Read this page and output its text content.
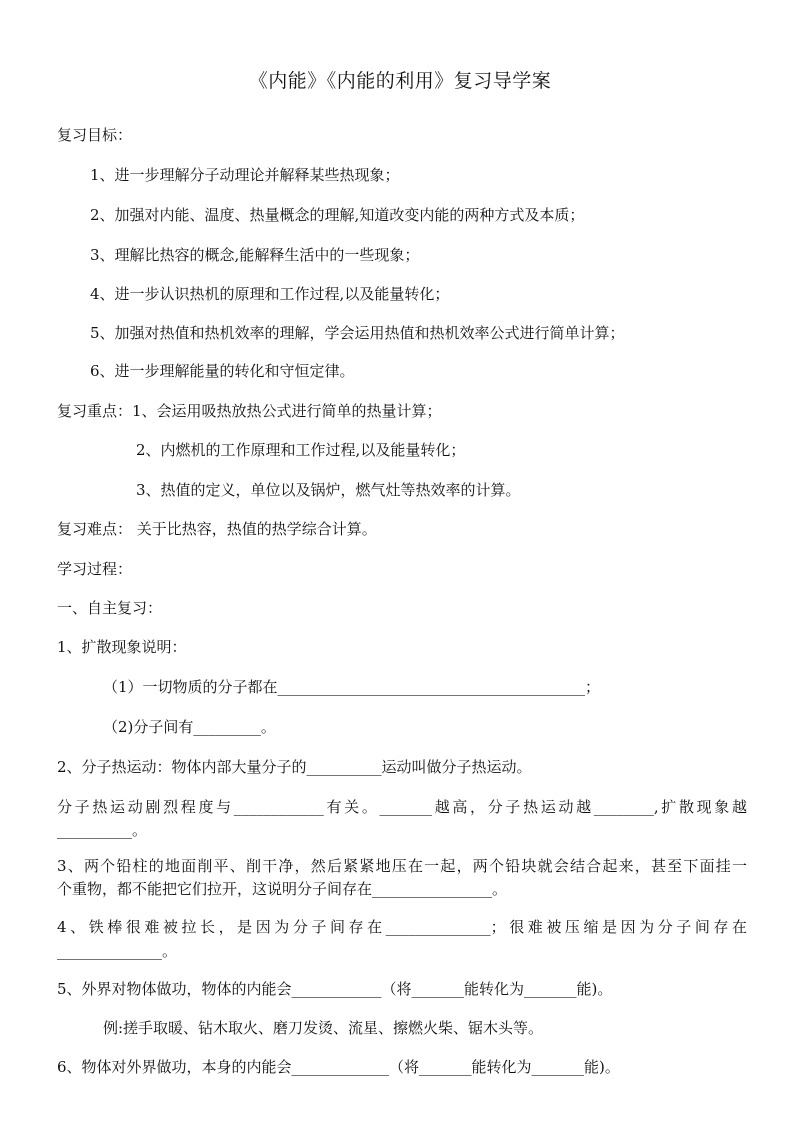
《内能》《内能的利用》复习导学案
复习目标：
1、进一步理解分子动理论并解释某些热现象；
2、加强对内能、温度、热量概念的理解,知道改变内能的两种方式及本质；
3、理解比热容的概念,能解释生活中的一些现象；
4、进一步认识热机的原理和工作过程,以及能量转化；
5、加强对热值和热机效率的理解，学会运用热值和热机效率公式进行简单计算；
6、进一步理解能量的转化和守恒定律。
复习重点：1、会运用吸热放热公式进行简单的热量计算；
2、内燃机的工作原理和工作过程,以及能量转化；
3、热值的定义，单位以及锅炉，燃气灶等热效率的计算。
复习难点： 关于比热容，热值的热学综合计算。
学习过程：
一、自主复习：
1、扩散现象说明：
（1）一切物质的分子都在_________________________________________；
（2)分子间有_________。
2、分子热运动：物体内部大量分子的__________运动叫做分子热运动。
分子热运动剧烈程度与____________有关。_______越高，分子热运动越________,扩散现象越
__________。
3、两个铅柱的地面削平、削干净，然后紧紧地压在一起，两个铅块就会结合起来，甚至下面挂一
个重物，都不能把它们拉开，这说明分子间存在________________。
4、铁棒很难被拉长，是因为分子间存在______________；很难被压缩是因为分子间存在
______________。
5、外界对物体做功，物体的内能会____________（将_______能转化为_______能)。
例:搓手取暖、钻木取火、磨刀发烫、流星、擦燃火柴、锯木头等。
6、物体对外界做功，本身的内能会_____________（将_______能转化为_______能)。
